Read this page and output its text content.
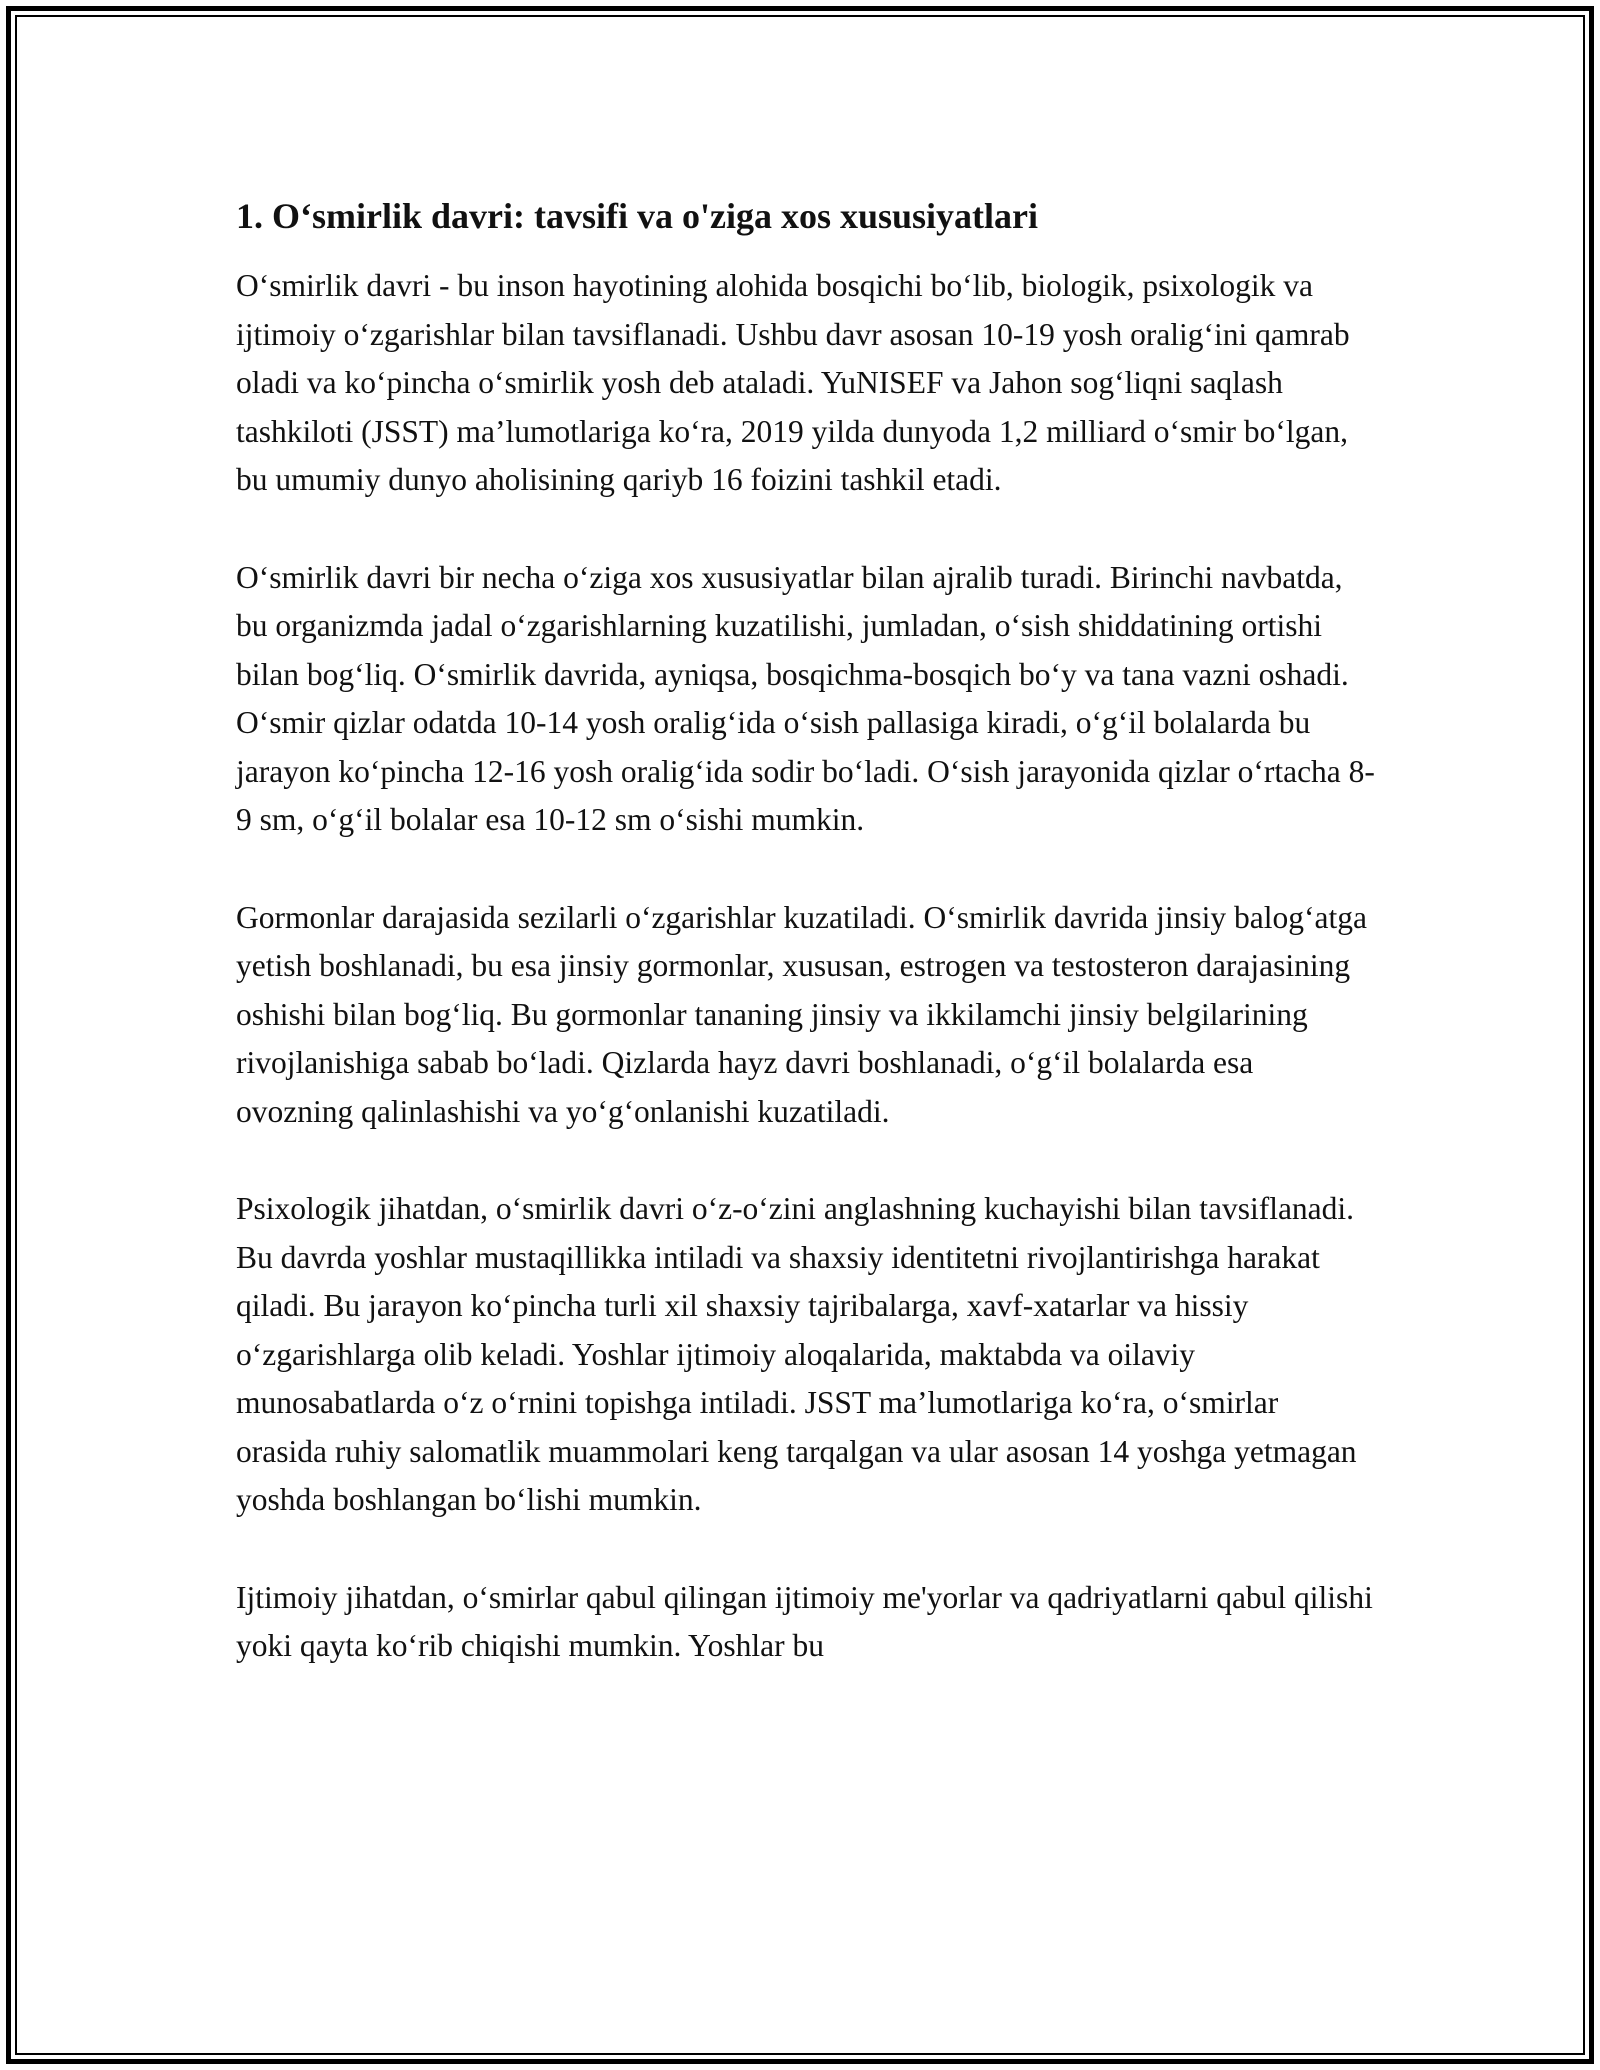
1. O‘smirlik davri: tavsifi va o'ziga xos xususiyatlari

O‘smirlik davri - bu inson hayotining alohida bosqichi bo‘lib, biologik, psixologik va ijtimoiy o‘zgarishlar bilan tavsiflanadi. Ushbu davr asosan 10-19 yosh oralig‘ini qamrab oladi va ko‘pincha o‘smirlik yosh deb ataladi. YuNISEF va Jahon sog‘liqni saqlash tashkiloti (JSST) ma’lumotlariga ko‘ra, 2019 yilda dunyoda 1,2 milliard o‘smir bo‘lgan, bu umumiy dunyo aholisining qariyb 16 foizini tashkil etadi.

O‘smirlik davri bir necha o‘ziga xos xususiyatlar bilan ajralib turadi. Birinchi navbatda, bu organizmda jadal o‘zgarishlarning kuzatilishi, jumladan, o‘sish shiddatining ortishi bilan bog‘liq. O‘smirlik davrida, ayniqsa, bosqichma-bosqich bo‘y va tana vazni oshadi. O‘smir qizlar odatda 10-14 yosh oralig‘ida o‘sish pallasiga kiradi, o‘g‘il bolalarda bu jarayon ko‘pincha 12-16 yosh oralig‘ida sodir bo‘ladi. O‘sish jarayonida qizlar o‘rtacha 8-9 sm, o‘g‘il bolalar esa 10-12 sm o‘sishi mumkin.

Gormonlar darajasida sezilarli o‘zgarishlar kuzatiladi. O‘smirlik davrida jinsiy balog‘atga yetish boshlanadi, bu esa jinsiy gormonlar, xususan, estrogen va testosteron darajasining oshishi bilan bog‘liq. Bu gormonlar tananing jinsiy va ikkilamchi jinsiy belgilarining rivojlanishiga sabab bo‘ladi. Qizlarda hayz davri boshlanadi, o‘g‘il bolalarda esa ovozning qalinlashishi va yo‘g‘onlanishi kuzatiladi.

Psixologik jihatdan, o‘smirlik davri o‘z-o‘zini anglashning kuchayishi bilan tavsiflanadi. Bu davrda yoshlar mustaqillikka intiladi va shaxsiy identitetni rivojlantirishga harakat qiladi. Bu jarayon ko‘pincha turli xil shaxsiy tajribalarga, xavf-xatarlar va hissiy o‘zgarishlarga olib keladi. Yoshlar ijtimoiy aloqalarida, maktabda va oilaviy munosabatlarda o‘z o‘rnini topishga intiladi. JSST ma’lumotlariga ko‘ra, o‘smirlar orasida ruhiy salomatlik muammolari keng tarqalgan va ular asosan 14 yoshga yetmagan yoshda boshlangan bo‘lishi mumkin.

Ijtimoiy jihatdan, o‘smirlar qabul qilingan ijtimoiy me'yorlar va qadriyatlarni qabul qilishi yoki qayta ko‘rib chiqishi mumkin. Yoshlar bu
